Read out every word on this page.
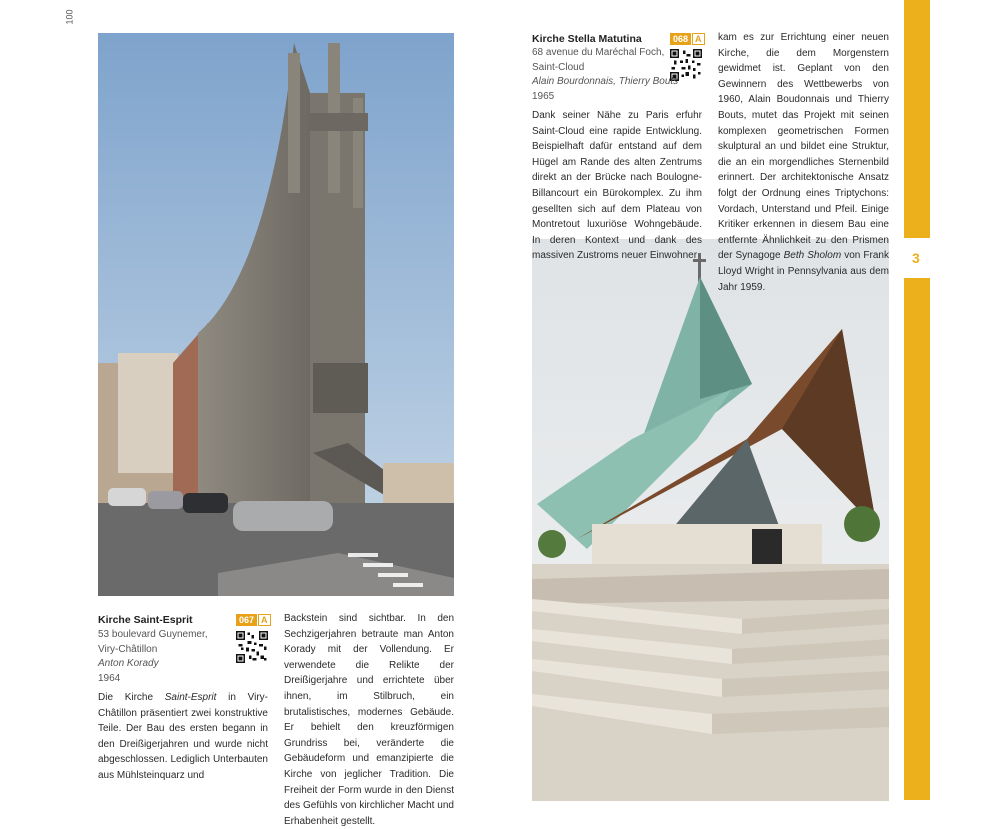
100
3
Kirche Saint-Esprit	067 A
53 boulevard Guynemer,
Viry-Châtillon
Anton Korady
1964
Die Kirche Saint-Esprit in Viry-Châtillon präsentiert zwei konstruktive Teile. Der Bau des ersten begann in den Dreißigerjahren und wurde nicht abgeschlossen. Lediglich Unterbauten aus Mühlsteinquarz und
Backstein sind sichtbar. In den Sechzigerjahren betraute man Anton Korady mit der Vollendung. Er verwendete die Relikte der Dreißigerjahre und errichtete über ihnen, im Stilbruch, ein brutalistisches, modernes Gebäude. Er behielt den kreuzförmigen Grundriss bei, veränderte die Gebäudeform und emanzipierte die Kirche von jeglicher Tradition. Die Freiheit der Form wurde in den Dienst des Gefühls von kirchlicher Macht und Erhabenheit gestellt.
Kirche Stella Matutina	068 A
68 avenue du Maréchal Foch,
Saint-Cloud
Alain Bourdonnais, Thierry Bouts
1965
Dank seiner Nähe zu Paris erfuhr Saint-Cloud eine rapide Entwicklung. Beispielhaft dafür entstand auf dem Hügel am Rande des alten Zentrums direkt an der Brücke nach Boulogne-Billancourt ein Bürokomplex. Zu ihm gesellten sich auf dem Plateau von Montretout luxuriöse Wohngebäude. In deren Kontext und dank des massiven Zustroms neuer Einwohner
kam es zur Errichtung einer neuen Kirche, die dem Morgenstern gewidmet ist. Geplant von den Gewinnern des Wettbewerbs von 1960, Alain Boudonnais und Thierry Bouts, mutet das Projekt mit seinen komplexen geometrischen Formen skulptural an und bildet eine Struktur, die an ein morgendliches Sternenbild erinnert. Der architektonische Ansatz folgt der Ordnung eines Triptychons: Vordach, Unterstand und Pfeil. Einige Kritiker erkennen in diesem Bau eine entfernte Ähnlichkeit zu den Prismen der Synagoge Beth Sholom von Frank Lloyd Wright in Pennsylvania aus dem Jahr 1959.
